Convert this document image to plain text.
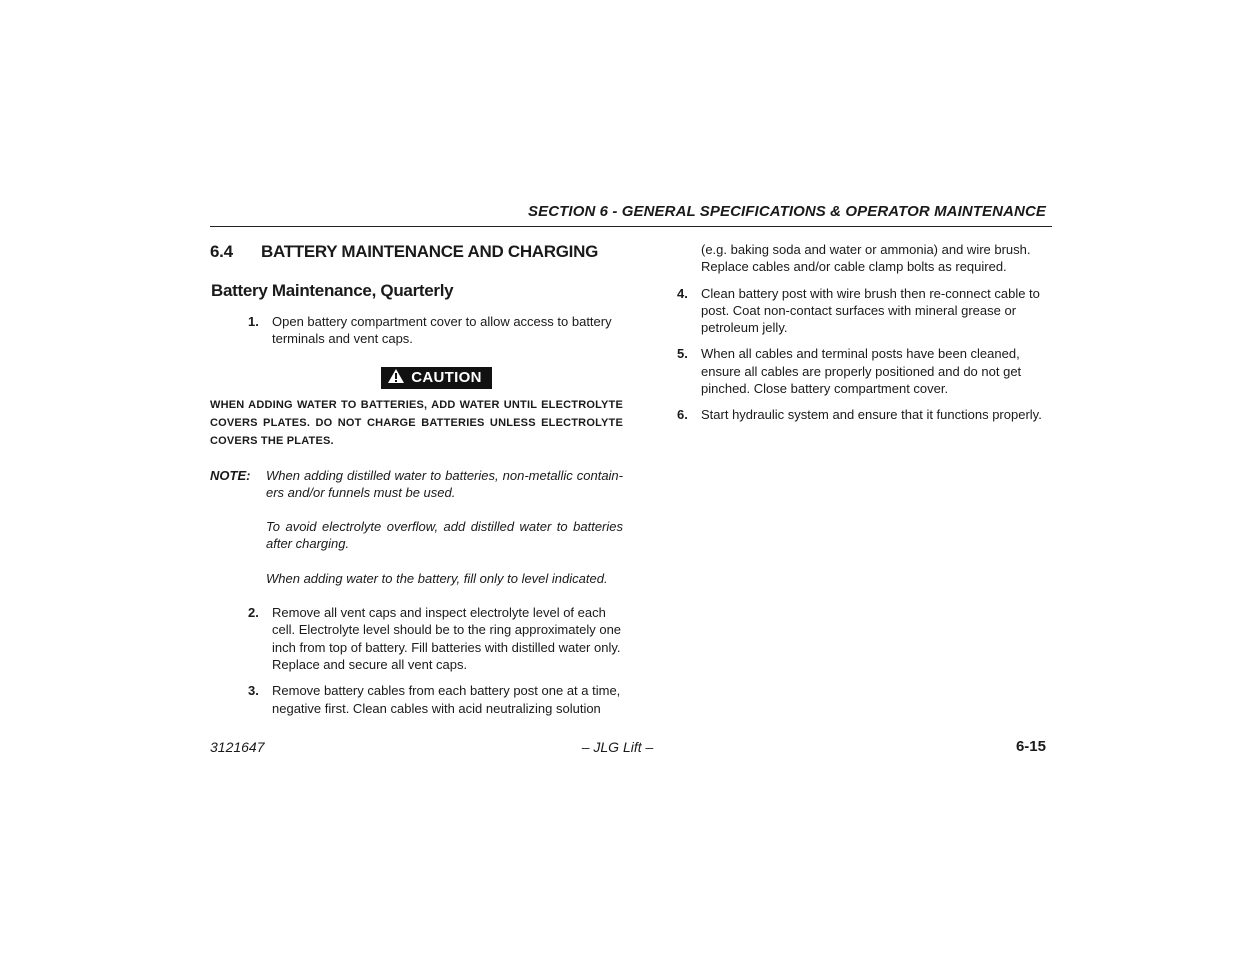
SECTION 6 - GENERAL SPECIFICATIONS & OPERATOR MAINTENANCE
6.4	BATTERY MAINTENANCE AND CHARGING
Battery Maintenance, Quarterly
1.	Open battery compartment cover to allow access to battery terminals and vent caps.
CAUTION
WHEN ADDING WATER TO BATTERIES, ADD WATER UNTIL ELECTROLYTE COVERS PLATES. DO NOT CHARGE BATTERIES UNLESS ELECTROLYTE COVERS THE PLATES.
NOTE:	When adding distilled water to batteries, non-metallic contain- ers and/or funnels must be used.

To avoid electrolyte overflow, add distilled water to batteries after charging.

When adding water to the battery, fill only to level indicated.

2.	Remove all vent caps and inspect electrolyte level of each cell. Electrolyte level should be to the ring approximately one inch from top of battery. Fill batteries with distilled water only. Replace and secure all vent caps.
3.	Remove battery cables from each battery post one at a time, negative first. Clean cables with acid neutralizing solution
(e.g. baking soda and water or ammonia) and wire brush. Replace cables and/or cable clamp bolts as required.
4.	Clean battery post with wire brush then re-connect cable to post. Coat non-contact surfaces with mineral grease or petroleum jelly.
5.	When all cables and terminal posts have been cleaned, ensure all cables are properly positioned and do not get pinched. Close battery compartment cover.
6.	Start hydraulic system and ensure that it functions properly.
3121647	– JLG Lift –	6-15
